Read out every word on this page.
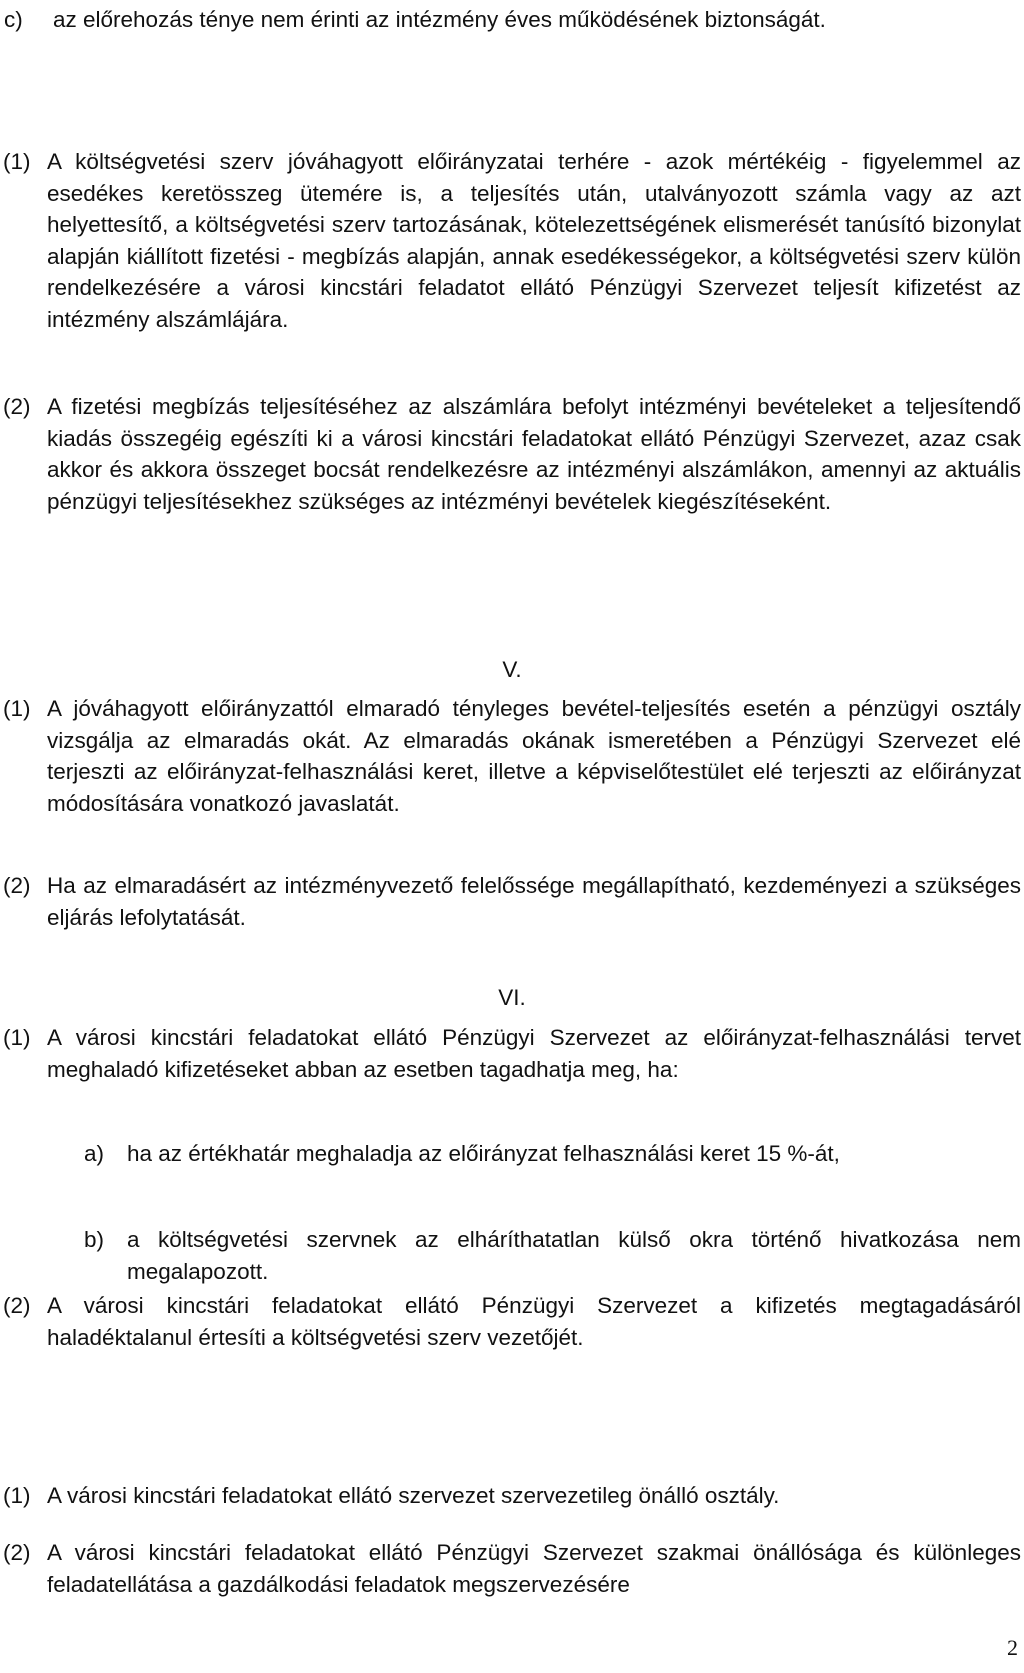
c) az előrehozás ténye nem érinti az intézmény éves működésének biztonságát.
(1) A költségvetési szerv jóváhagyott előirányzatai terhére - azok mértékéig - figyelemmel az esedékes keretösszeg ütemére is, a teljesítés után, utalványozott számla vagy az azt helyettesítő, a költségvetési szerv tartozásának, kötelezettségének elismerését tanúsító bizonylat alapján kiállított fizetési - megbízás alapján, annak esedékességekor, a költségvetési szerv külön rendelkezésére a városi kincstári feladatot ellátó Pénzügyi Szervezet teljesít kifizetést az intézmény alszámlájára.
(2) A fizetési megbízás teljesítéséhez az alszámlára befolyt intézményi bevételeket a teljesítendő kiadás összegéig egészíti ki a városi kincstári feladatokat ellátó Pénzügyi Szervezet, azaz csak akkor és akkora összeget bocsát rendelkezésre az intézményi alszámlákon, amennyi az aktuális pénzügyi teljesítésekhez szükséges az intézményi bevételek kiegészítéseként.
V.
(1) A jóváhagyott előirányzattól elmaradó tényleges bevétel-teljesítés esetén a pénzügyi osztály vizsgálja az elmaradás okát. Az elmaradás okának ismeretében a Pénzügyi Szervezet elé terjeszti az előirányzat-felhasználási keret, illetve a képviselőtestület elé terjeszti az előirányzat módosítására vonatkozó javaslatát.
(2) Ha az elmaradásért az intézményvezető felelőssége megállapítható, kezdeményezi a szükséges eljárás lefolytatását.
VI.
(1) A városi kincstári feladatokat ellátó Pénzügyi Szervezet az előirányzat-felhasználási tervet meghaladó kifizetéseket abban az esetben tagadhatja meg, ha:
a) ha az értékhatár meghaladja az előirányzat felhasználási keret 15 %-át,
b) a költségvetési szervnek az elháríthatatlan külső okra történő hivatkozása nem megalapozott.
(2) A városi kincstári feladatokat ellátó Pénzügyi Szervezet a kifizetés megtagadásáról haladéktalanul értesíti a költségvetési szerv vezetőjét.
(1) A városi kincstári feladatokat ellátó szervezet szervezetileg önálló osztály.
(2) A városi kincstári feladatokat ellátó Pénzügyi Szervezet szakmai önállósága és különleges feladatellátása a gazdálkodási feladatok megszervezésére
2
